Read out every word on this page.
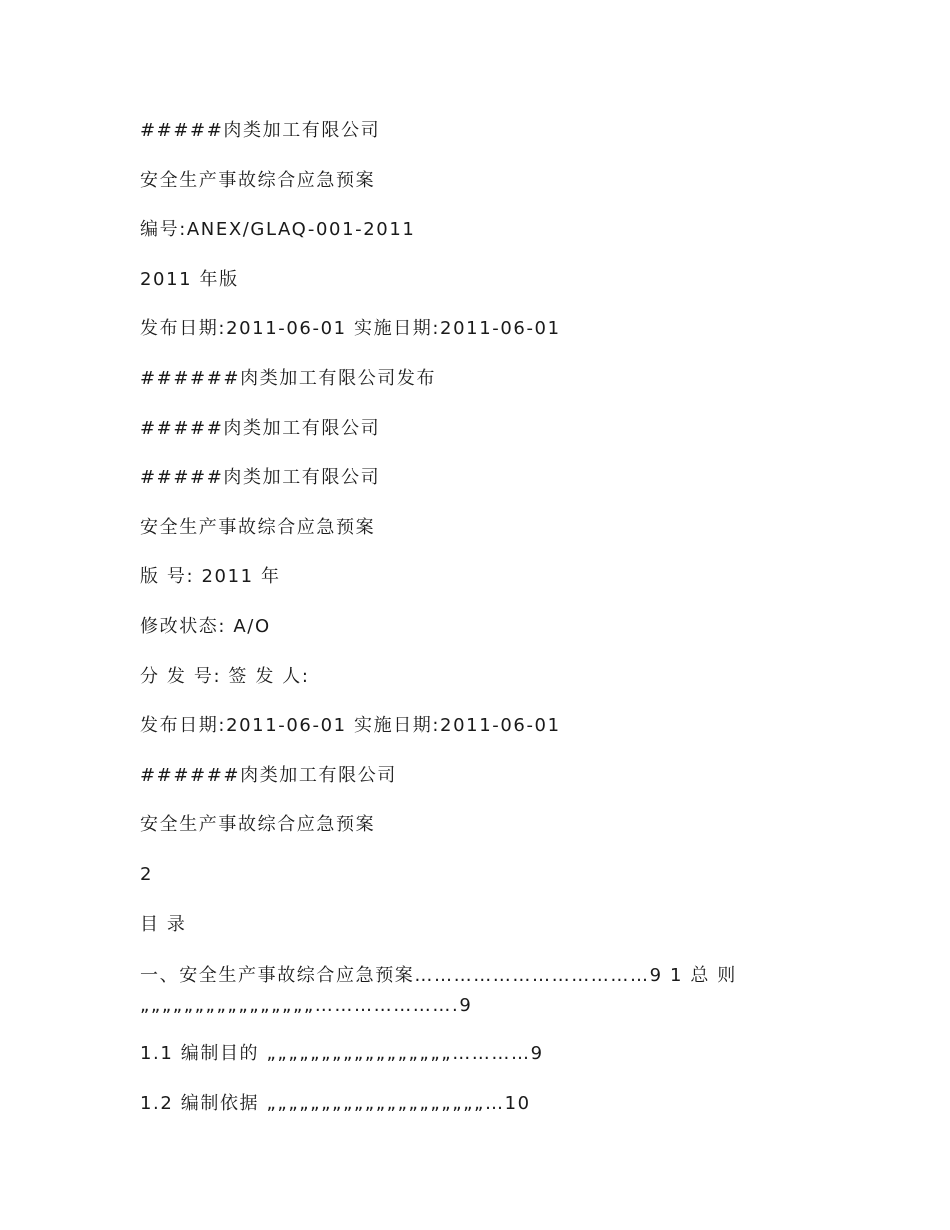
#####肉类加工有限公司
安全生产事故综合应急预案
编号:ANEX/GLAQ-001-2011
2011 年版
发布日期:2011-06-01 实施日期:2011-06-01
######肉类加工有限公司发布
#####肉类加工有限公司
#####肉类加工有限公司
安全生产事故综合应急预案
版 号: 2011 年
修改状态: A/O
分 发 号: 签 发 人:
发布日期:2011-06-01 实施日期:2011-06-01
######肉类加工有限公司
安全生产事故综合应急预案
2
目 录
一、安全生产事故综合应急预案………………………………9 1 总 则„„„„„„„„„„„„„„„„………………….9
1.1 编制目的 „„„„„„„„„„„„„„„„„…………9
1.2 编制依据 „„„„„„„„„„„„„„„„„„„„…10
